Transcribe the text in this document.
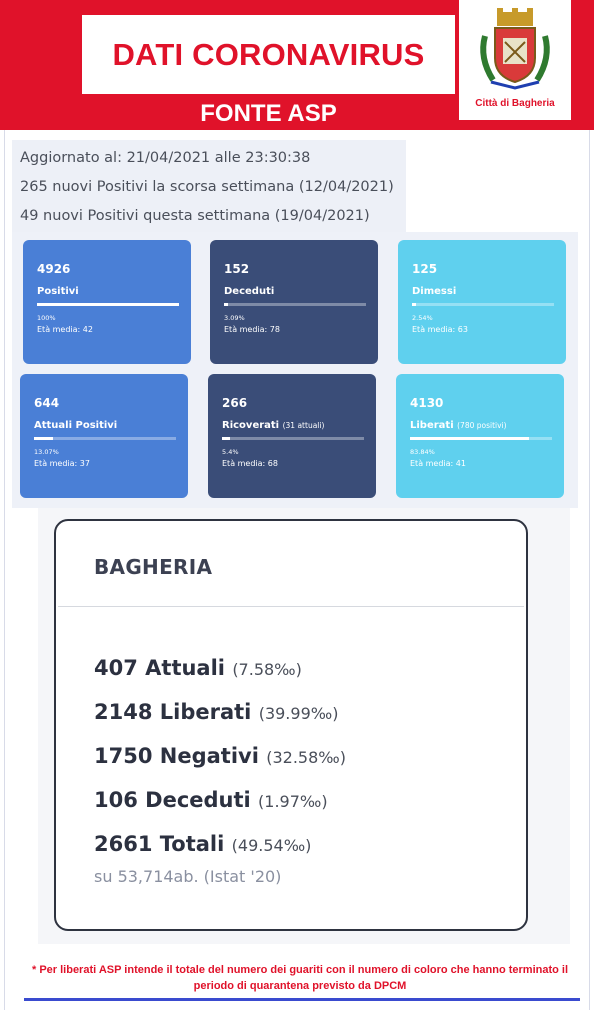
DATI CORONAVIRUS
FONTE ASP	Città di Bagheria
Aggiornato al: 21/04/2021 alle 23:30:38
265 nuovi Positivi la scorsa settimana (12/04/2021)
49 nuovi Positivi questa settimana (19/04/2021)
4926
Positivi
100%
Età media: 42
152
Deceduti
3.09%
Età media: 78
125
Dimessi
2.54%
Età media: 63
644
Attuali Positivi
13.07%
Età media: 37
266
Ricoverati (31 attuali)
5.4%
Età media: 68
4130
Liberati (780 positivi)
83.84%
Età media: 41
BAGHERIA
407 Attuali (7.58‰)
2148 Liberati (39.99‰)
1750 Negativi (32.58‰)
106 Deceduti (1.97‰)
2661 Totali (49.54‰)
su 53,714ab. (Istat '20)
* Per liberati ASP intende il totale del numero dei guariti con il numero di coloro che hanno terminato il periodo di quarantena previsto da DPCM
